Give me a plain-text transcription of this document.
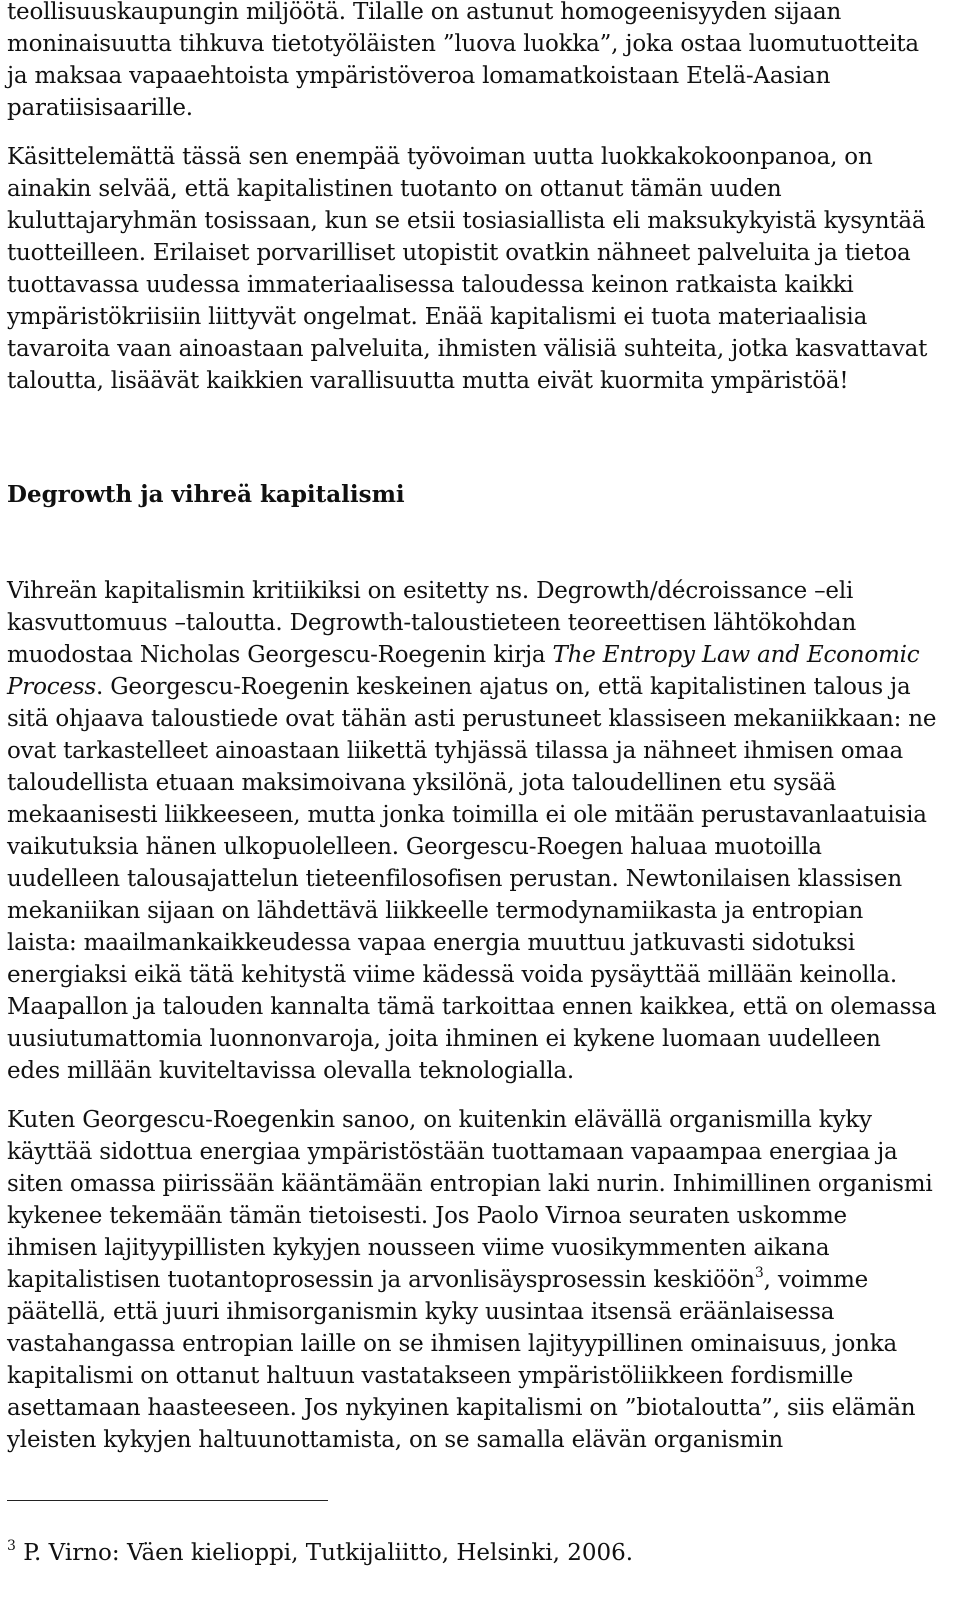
teollisuuskaupungin miljöötä. Tilalle on astunut homogeenisyyden sijaan
moninaisuutta tihkuva tietotyöläisten ”luova luokka”, joka ostaa luomutuotteita
ja maksaa vapaaehtoista ympäristöveroa lomamatkoistaan Etelä-Aasian
paratiisisaarille.
Käsittelemättä tässä sen enempää työvoiman uutta luokkakokoonpanoa, on
ainakin selvää, että kapitalistinen tuotanto on ottanut tämän uuden
kuluttajaryhmän tosissaan, kun se etsii tosiasiallista eli maksukykyistä kysyntää
tuotteilleen. Erilaiset porvarilliset utopistit ovatkin nähneet palveluita ja tietoa
tuottavassa uudessa immateriaalisessa taloudessa keinon ratkaista kaikki
ympäristökriisiin liittyvät ongelmat. Enää kapitalismi ei tuota materiaalisia
tavaroita vaan ainoastaan palveluita, ihmisten välisiä suhteita, jotka kasvattavat
taloutta, lisäävät kaikkien varallisuutta mutta eivät kuormita ympäristöä!
Degrowth ja vihreä kapitalismi
Vihreän kapitalismin kritiikiksi on esitetty ns. Degrowth/décroissance –eli
kasvuttomuus –taloutta. Degrowth-taloustieteen teoreettisen lähtökohdan
muodostaa Nicholas Georgescu-Roegenin kirja The Entropy Law and Economic
Process. Georgescu-Roegenin keskeinen ajatus on, että kapitalistinen talous ja
sitä ohjaava taloustiede ovat tähän asti perustuneet klassiseen mekaniikkaan: ne
ovat tarkastelleet ainoastaan liikettä tyhjässä tilassa ja nähneet ihmisen omaa
taloudellista etuaan maksimoivana yksilönä, jota taloudellinen etu sysää
mekaanisesti liikkeeseen, mutta jonka toimilla ei ole mitään perustavanlaatuisia
vaikutuksia hänen ulkopuolelleen. Georgescu-Roegen haluaa muotoilla
uudelleen talousajattelun tieteenfilosofisen perustan. Newtonilaisen klassisen
mekaniikan sijaan on lähdettävä liikkeelle termodynamiikasta ja entropian
laista: maailmankaikkeudessa vapaa energia muuttuu jatkuvasti sidotuksi
energiaksi eikä tätä kehitystä viime kädessä voida pysäyttää millään keinolla.
Maapallon ja talouden kannalta tämä tarkoittaa ennen kaikkea, että on olemassa
uusiutumattomia luonnonvaroja, joita ihminen ei kykene luomaan uudelleen
edes millään kuviteltavissa olevalla teknologialla.
Kuten Georgescu-Roegenkin sanoo, on kuitenkin elävällä organismilla kyky
käyttää sidottua energiaa ympäristöstään tuottamaan vapaampaa energiaa ja
siten omassa piirissään kääntämään entropian laki nurin. Inhimillinen organismi
kykenee tekemään tämän tietoisesti. Jos Paolo Virnoa seuraten uskomme
ihmisen lajityypillisten kykyjen nousseen viime vuosikymmenten aikana
kapitalistisen tuotantoprosessin ja arvonlisäysprosessin keskiöön$^3$, voimme
päätellä, että juuri ihmisorganismin kyky uusintaa itsensä eräänlaisessa
vastahangassa entropian laille on se ihmisen lajityypillinen ominaisuus, jonka
kapitalismi on ottanut haltuun vastatakseen ympäristöliikkeen fordismille
asettamaan haasteeseen. Jos nykyinen kapitalismi on ”biotaloutta”, siis elämän
yleisten kykyjen haltuunottamista, on se samalla elävän organismin
$^3$ P. Virno: Väen kielioppi, Tutkijaliitto, Helsinki, 2006.
